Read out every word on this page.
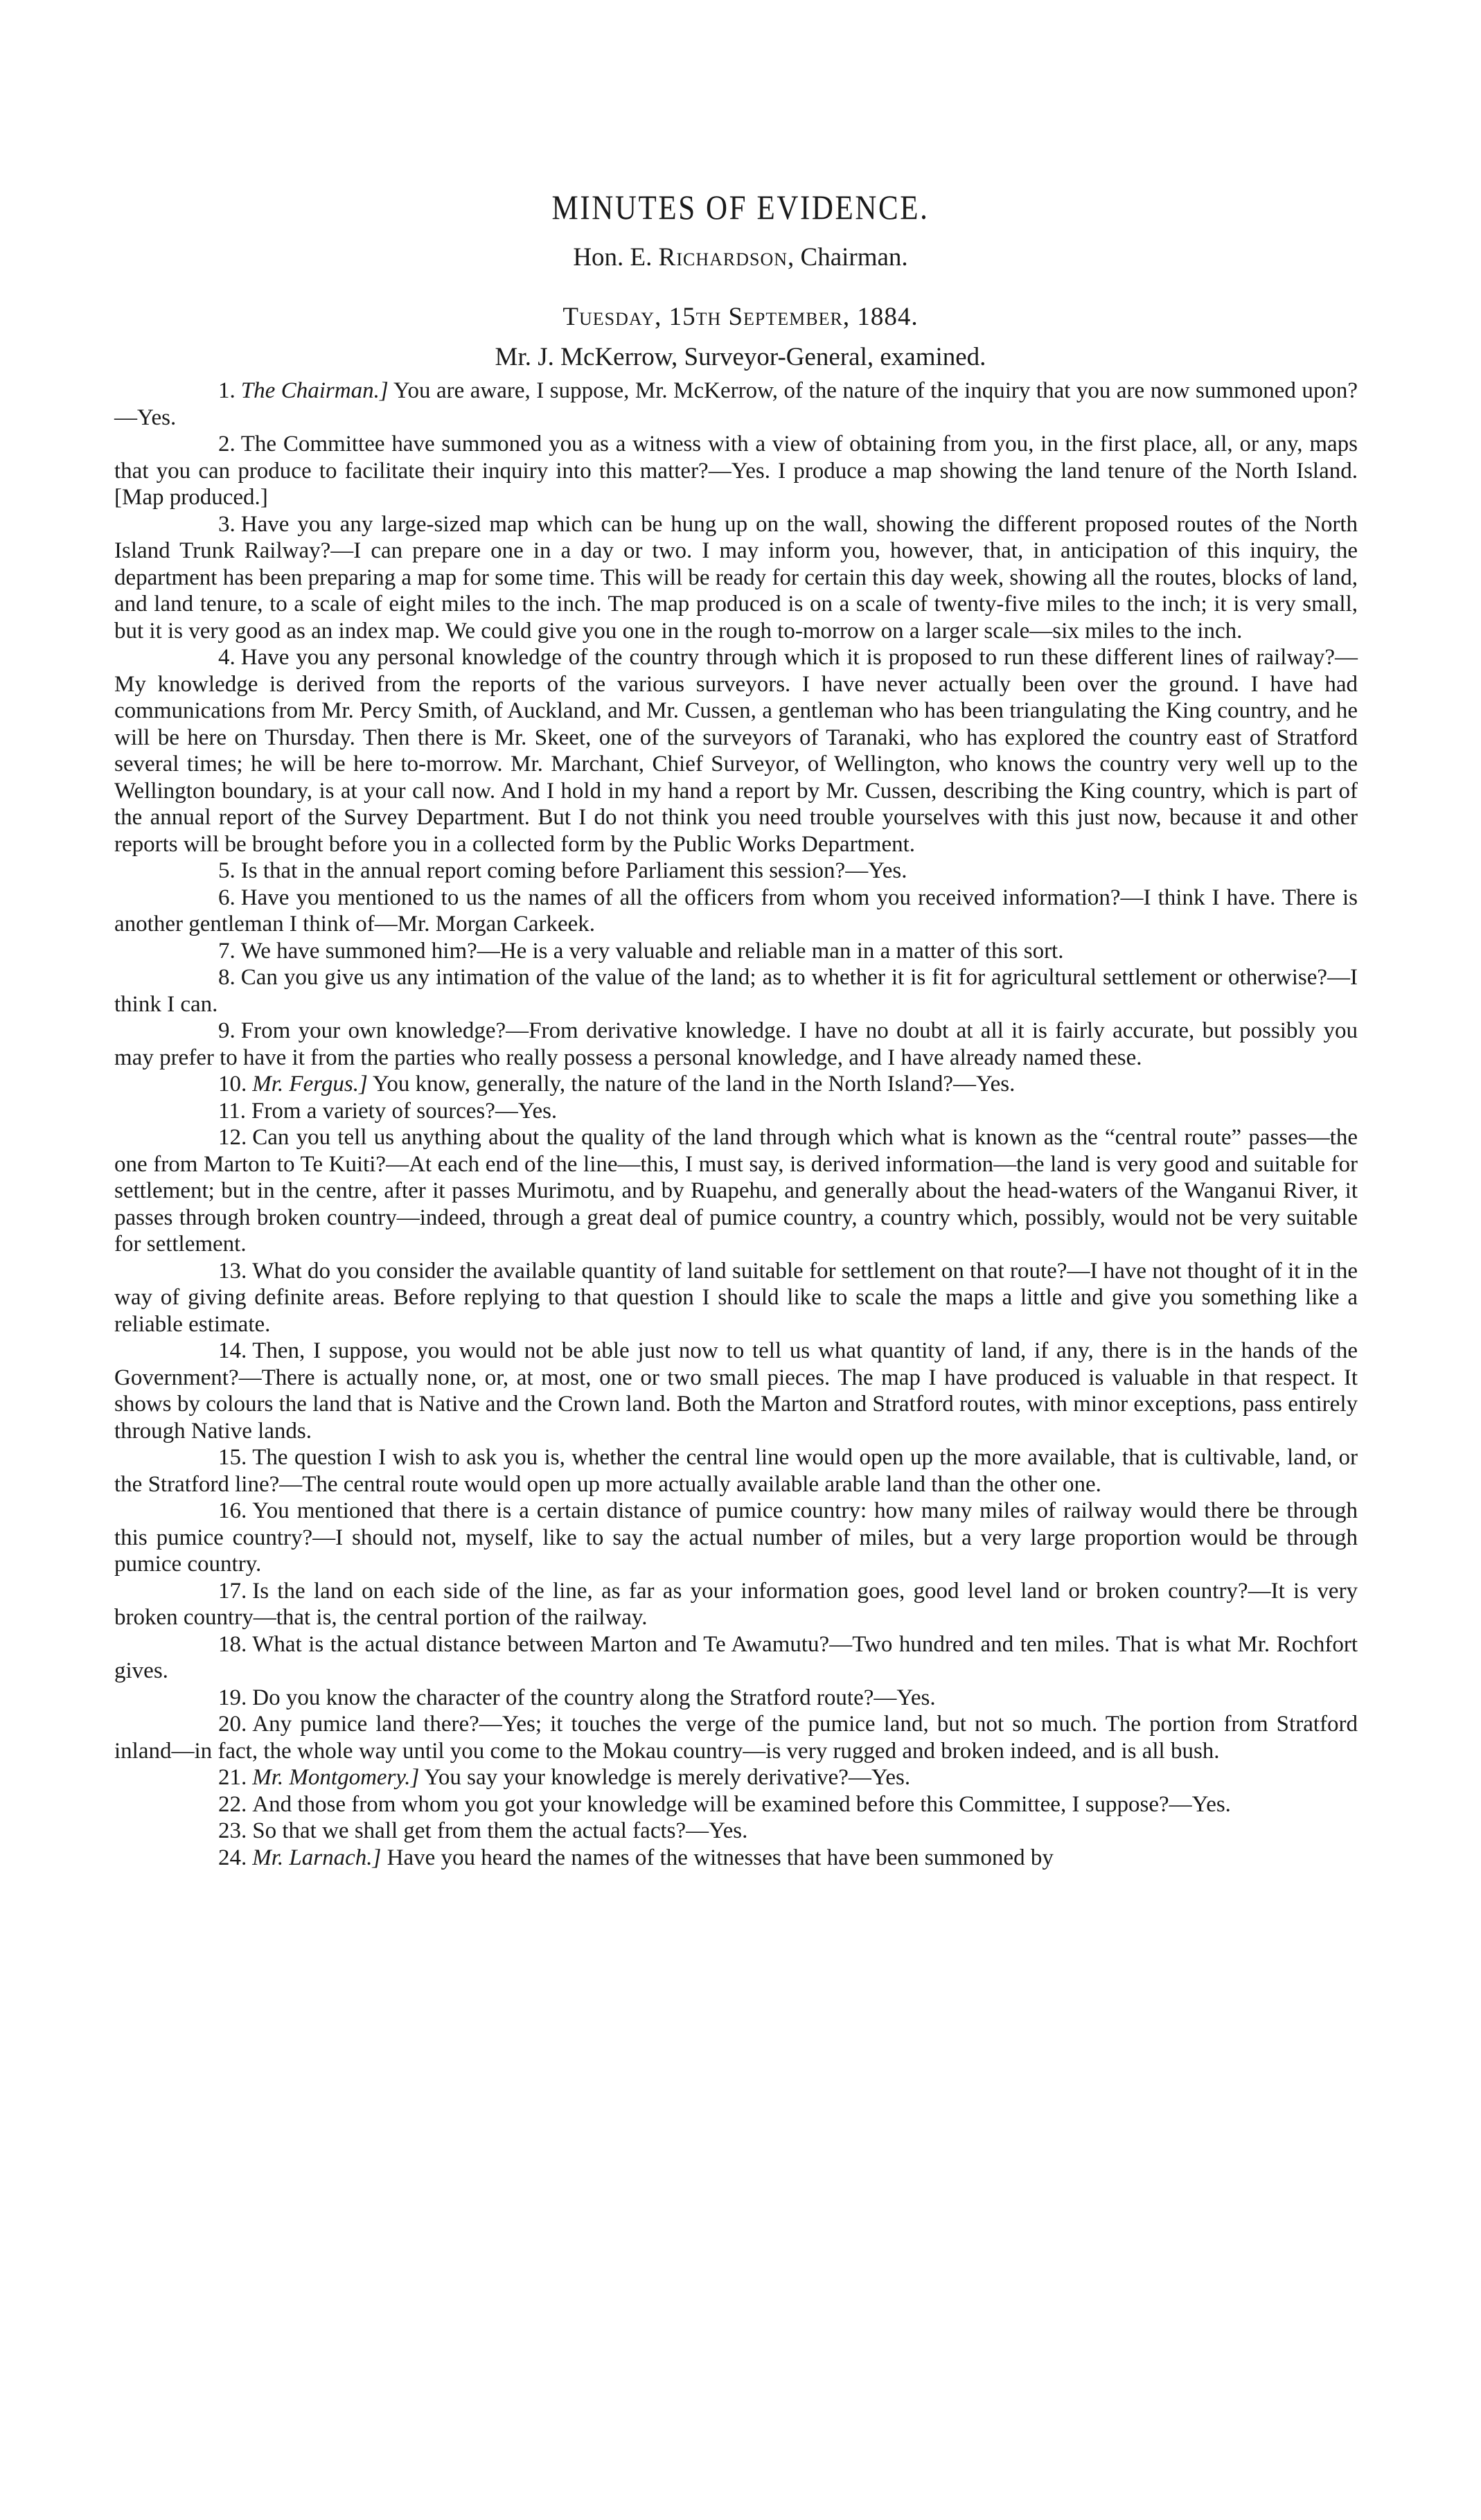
MINUTES OF EVIDENCE.
Hon. E. Richardson, Chairman.
Tuesday, 15th September, 1884.
Mr. J. McKerrow, Surveyor-General, examined.

1. The Chairman.] You are aware, I suppose, Mr. McKerrow, of the nature of the inquiry that you are now summoned upon?—Yes.

2. The Committee have summoned you as a witness with a view of obtaining from you, in the first place, all, or any, maps that you can produce to facilitate their inquiry into this matter?—Yes. I produce a map showing the land tenure of the North Island. [Map produced.]

3. Have you any large-sized map which can be hung up on the wall, showing the different proposed routes of the North Island Trunk Railway?—I can prepare one in a day or two. I may inform you, however, that, in anticipation of this inquiry, the department has been preparing a map for some time. This will be ready for certain this day week, showing all the routes, blocks of land, and land tenure, to a scale of eight miles to the inch. The map produced is on a scale of twenty-five miles to the inch; it is very small, but it is very good as an index map. We could give you one in the rough to-morrow on a larger scale—six miles to the inch.

4. Have you any personal knowledge of the country through which it is proposed to run these different lines of railway?—My knowledge is derived from the reports of the various surveyors. I have never actually been over the ground. I have had communications from Mr. Percy Smith, of Auckland, and Mr. Cussen, a gentleman who has been triangulating the King country, and he will be here on Thursday. Then there is Mr. Skeet, one of the surveyors of Taranaki, who has explored the country east of Stratford several times; he will be here to-morrow. Mr. Marchant, Chief Surveyor, of Wellington, who knows the country very well up to the Wellington boundary, is at your call now. And I hold in my hand a report by Mr. Cussen, describing the King country, which is part of the annual report of the Survey Department. But I do not think you need trouble yourselves with this just now, because it and other reports will be brought before you in a collected form by the Public Works Department.

5. Is that in the annual report coming before Parliament this session?—Yes.

6. Have you mentioned to us the names of all the officers from whom you received information?—I think I have. There is another gentleman I think of—Mr. Morgan Carkeek.

7. We have summoned him?—He is a very valuable and reliable man in a matter of this sort.

8. Can you give us any intimation of the value of the land; as to whether it is fit for agricultural settlement or otherwise?—I think I can.

9. From your own knowledge?—From derivative knowledge. I have no doubt at all it is fairly accurate, but possibly you may prefer to have it from the parties who really possess a personal knowledge, and I have already named these.

10. Mr. Fergus.] You know, generally, the nature of the land in the North Island?—Yes.

11. From a variety of sources?—Yes.

12. Can you tell us anything about the quality of the land through which what is known as the “central route” passes—the one from Marton to Te Kuiti?—At each end of the line—this, I must say, is derived information—the land is very good and suitable for settlement; but in the centre, after it passes Murimotu, and by Ruapehu, and generally about the head-waters of the Wanganui River, it passes through broken country—indeed, through a great deal of pumice country, a country which, possibly, would not be very suitable for settlement.

13. What do you consider the available quantity of land suitable for settlement on that route?—I have not thought of it in the way of giving definite areas. Before replying to that question I should like to scale the maps a little and give you something like a reliable estimate.

14. Then, I suppose, you would not be able just now to tell us what quantity of land, if any, there is in the hands of the Government?—There is actually none, or, at most, one or two small pieces. The map I have produced is valuable in that respect. It shows by colours the land that is Native and the Crown land. Both the Marton and Stratford routes, with minor exceptions, pass entirely through Native lands.

15. The question I wish to ask you is, whether the central line would open up the more available, that is cultivable, land, or the Stratford line?—The central route would open up more actually available arable land than the other one.

16. You mentioned that there is a certain distance of pumice country: how many miles of railway would there be through this pumice country?—I should not, myself, like to say the actual number of miles, but a very large proportion would be through pumice country.

17. Is the land on each side of the line, as far as your information goes, good level land or broken country?—It is very broken country—that is, the central portion of the railway.

18. What is the actual distance between Marton and Te Awamutu?—Two hundred and ten miles. That is what Mr. Rochfort gives.

19. Do you know the character of the country along the Stratford route?—Yes.

20. Any pumice land there?—Yes; it touches the verge of the pumice land, but not so much. The portion from Stratford inland—in fact, the whole way until you come to the Mokau country—is very rugged and broken indeed, and is all bush.

21. Mr. Montgomery.] You say your knowledge is merely derivative?—Yes.

22. And those from whom you got your knowledge will be examined before this Committee, I suppose?—Yes.

23. So that we shall get from them the actual facts?—Yes.

24. Mr. Larnach.] Have you heard the names of the witnesses that have been summoned by
